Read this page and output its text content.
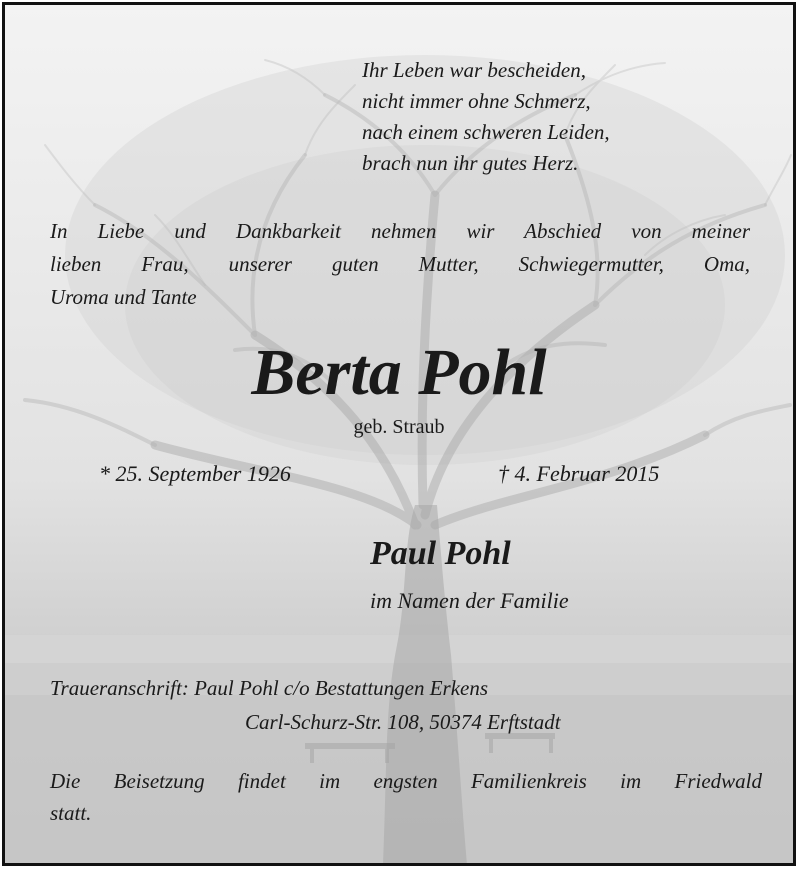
Ihr Leben war bescheiden,
nicht immer ohne Schmerz,
nach einem schweren Leiden,
brach nun ihr gutes Herz.
In Liebe und Dankbarkeit nehmen wir Abschied von meiner
lieben Frau, unserer guten Mutter, Schwiegermutter, Oma,
Uroma und Tante
Berta Pohl
geb. Straub
* 25. September 1926	† 4. Februar 2015
Paul Pohl
im Namen der Familie
Traueranschrift: Paul Pohl c/o Bestattungen Erkens
Carl-Schurz-Str. 108, 50374 Erftstadt
Die Beisetzung findet im engsten Familienkreis im Friedwald
statt.
